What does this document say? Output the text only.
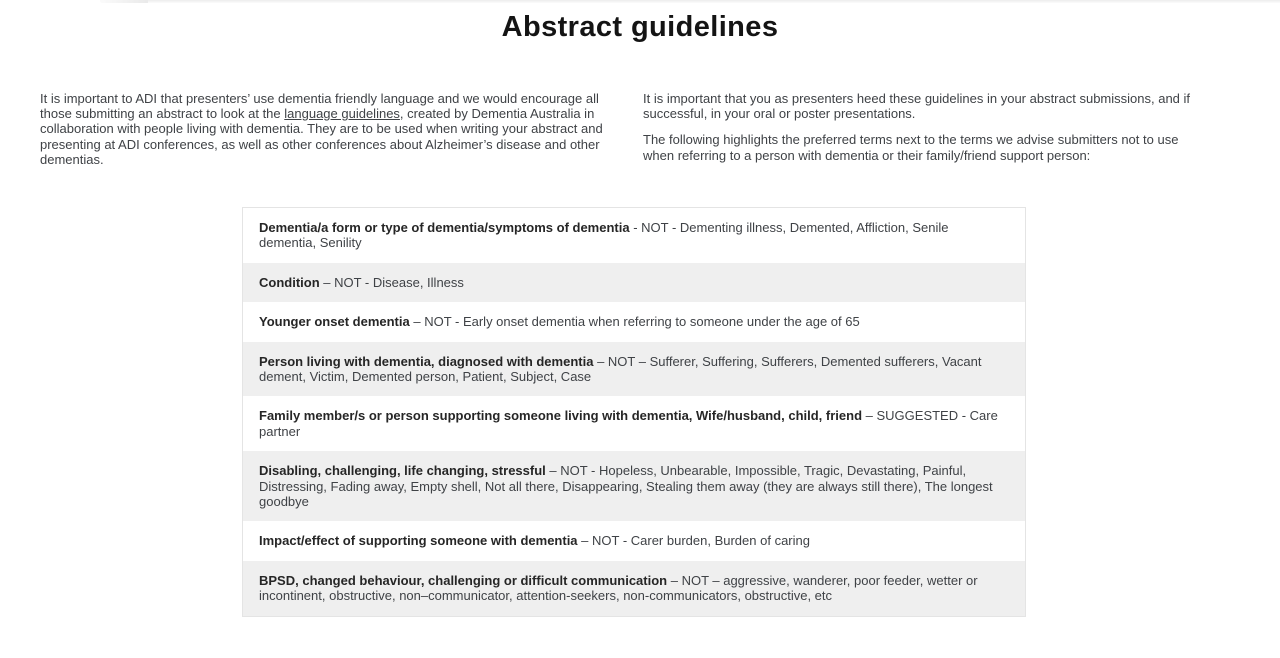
Abstract guidelines

It is important to ADI that presenters’ use dementia friendly language and we would encourage all those submitting an abstract to look at the language guidelines, created by Dementia Australia in collaboration with people living with dementia. They are to be used when writing your abstract and presenting at ADI conferences, as well as other conferences about Alzheimer’s disease and other dementias.

It is important that you as presenters heed these guidelines in your abstract submissions, and if successful, in your oral or poster presentations.

The following highlights the preferred terms next to the terms we advise submitters not to use when referring to a person with dementia or their family/friend support person:

Dementia/a form or type of dementia/symptoms of dementia - NOT - Dementing illness, Demented, Affliction, Senile dementia, Senility
Condition – NOT - Disease, Illness
Younger onset dementia – NOT - Early onset dementia when referring to someone under the age of 65
Person living with dementia, diagnosed with dementia – NOT – Sufferer, Suffering, Sufferers, Demented sufferers, Vacant dement, Victim, Demented person, Patient, Subject, Case
Family member/s or person supporting someone living with dementia, Wife/husband, child, friend – SUGGESTED - Care partner
Disabling, challenging, life changing, stressful – NOT - Hopeless, Unbearable, Impossible, Tragic, Devastating, Painful, Distressing, Fading away, Empty shell, Not all there, Disappearing, Stealing them away (they are always still there), The longest goodbye
Impact/effect of supporting someone with dementia – NOT - Carer burden, Burden of caring
BPSD, changed behaviour, challenging or difficult communication – NOT – aggressive, wanderer, poor feeder, wetter or incontinent, obstructive, non–communicator, attention-seekers, non-communicators, obstructive, etc
